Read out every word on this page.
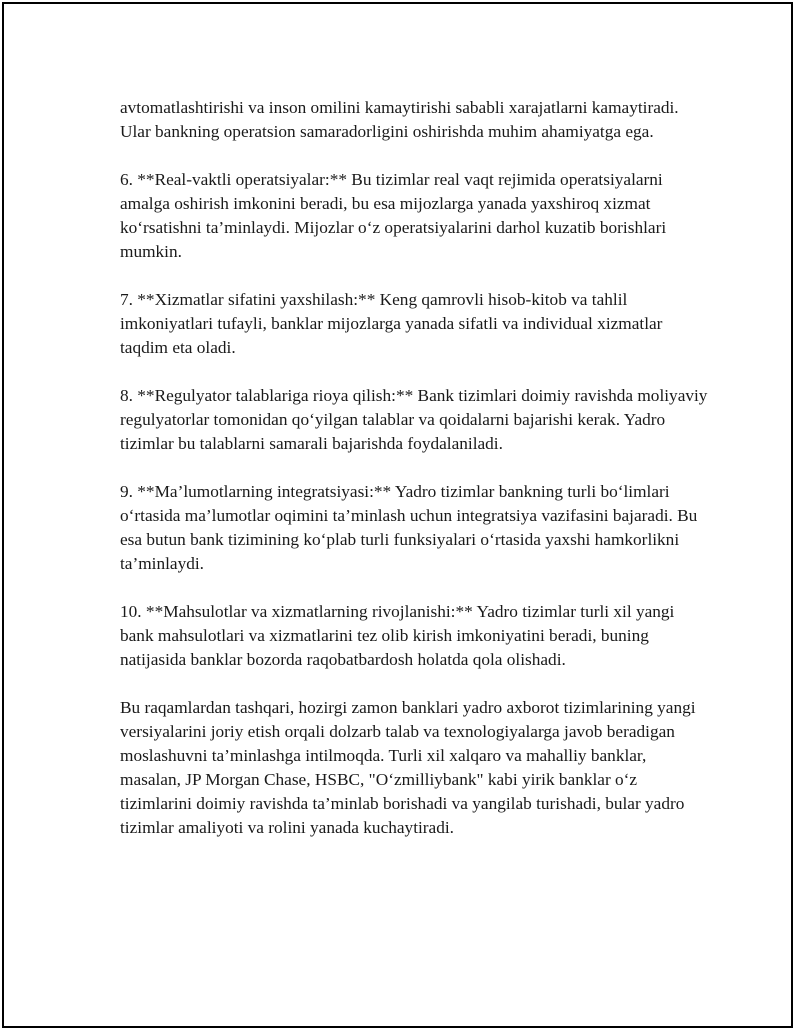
avtomatlashtirishi va inson omilini kamaytirishi sababli xarajatlarni kamaytiradi. Ular bankning operatsion samaradorligini oshirishda muhim ahamiyatga ega.

6. **Real-vaktli operatsiyalar:** Bu tizimlar real vaqt rejimida operatsiyalarni amalga oshirish imkonini beradi, bu esa mijozlarga yanada yaxshiroq xizmat ko‘rsatishni ta’minlaydi. Mijozlar o‘z operatsiyalarini darhol kuzatib borishlari mumkin.

7. **Xizmatlar sifatini yaxshilash:** Keng qamrovli hisob-kitob va tahlil imkoniyatlari tufayli, banklar mijozlarga yanada sifatli va individual xizmatlar taqdim eta oladi.

8. **Regulyator talablariga rioya qilish:** Bank tizimlari doimiy ravishda moliyaviy regulyatorlar tomonidan qo‘yilgan talablar va qoidalarni bajarishi kerak. Yadro tizimlar bu talablarni samarali bajarishda foydalaniladi.

9. **Ma’lumotlarning integratsiyasi:** Yadro tizimlar bankning turli bo‘limlari o‘rtasida ma’lumotlar oqimini ta’minlash uchun integratsiya vazifasini bajaradi. Bu esa butun bank tizimining ko‘plab turli funksiyalari o‘rtasida yaxshi hamkorlikni ta’minlaydi.

10. **Mahsulotlar va xizmatlarning rivojlanishi:** Yadro tizimlar turli xil yangi bank mahsulotlari va xizmatlarini tez olib kirish imkoniyatini beradi, buning natijasida banklar bozorda raqobatbardosh holatda qola olishadi.

Bu raqamlardan tashqari, hozirgi zamon banklari yadro axborot tizimlarining yangi versiyalarini joriy etish orqali dolzarb talab va texnologiyalarga javob beradigan moslashuvni ta’minlashga intilmoqda. Turli xil xalqaro va mahalliy banklar, masalan, JP Morgan Chase, HSBC, "O‘zmilliybank" kabi yirik banklar o‘z tizimlarini doimiy ravishda ta’minlab borishadi va yangilab turishadi, bular yadro tizimlar amaliyoti va rolini yanada kuchaytiradi.
